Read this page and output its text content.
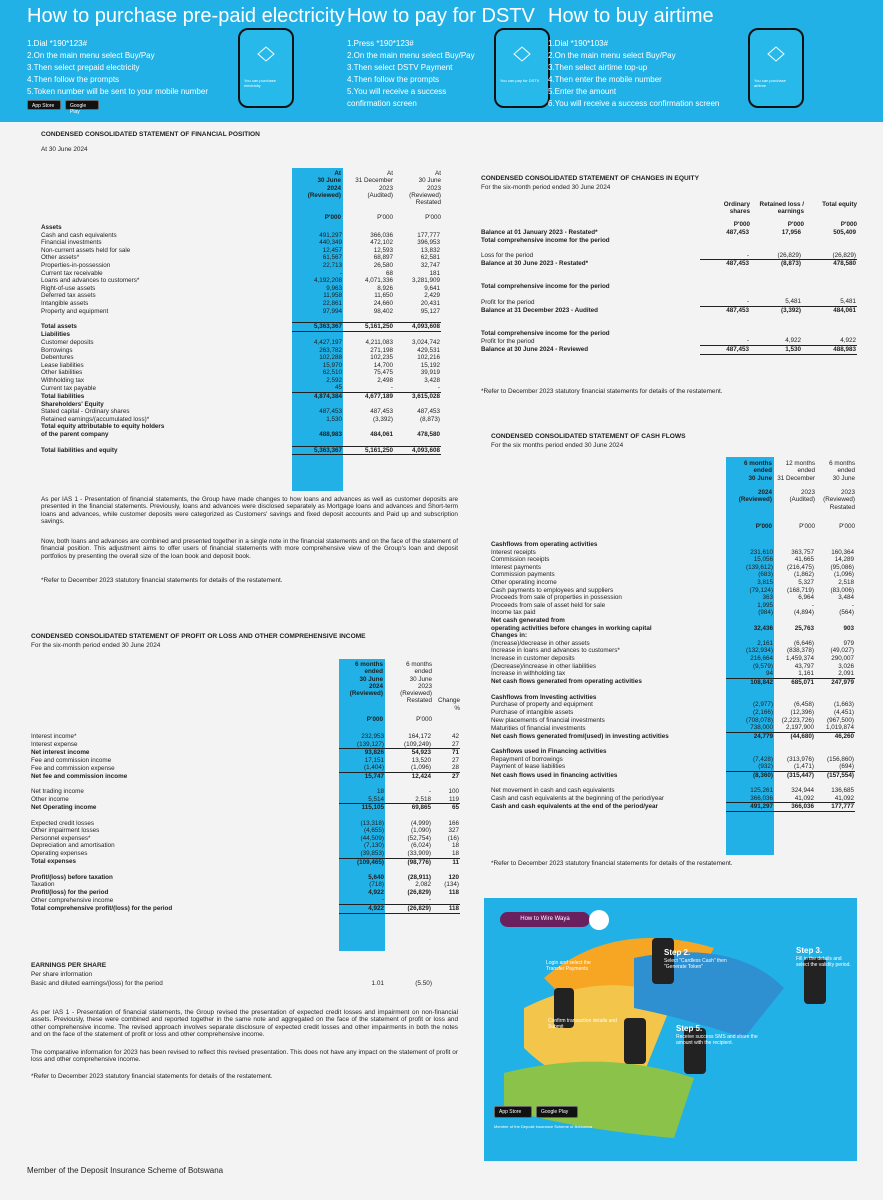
How to purchase pre-paid electricity
1.Dial *190*123#
2.On the main menu select Buy/Pay
3.Then select prepaid electricity
4.Then follow the prompts
5.Token number will be sent to your mobile number
You can purchase electricity
App Store	Google Play
How to pay for DSTV
1.Press *190*123#
2.On the main menu select Buy/Pay
3.Then select DSTV Payment
4.Then follow the prompts
5.You will receive a success
confirmation screen
You can pay for DSTV
How to buy airtime
1.Dial *190*103#
2.On the main menu select Buy/Pay
3.Then select airtime top-up
4.Then enter the mobile number
5.Enter the amount
6.You will receive a success confirmation screen
You can purchase airtime
CONDENSED CONSOLIDATED STATEMENT OF FINANCIAL POSITION
At 30 June 2024
At
30 June
2024
(Reviewed)
At
31 December
2023
(Audited)
At
30 June
2023
(Reviewed)
Restated
P'000	P'000	P'000
Assets			
Cash and cash equivalents	491,297	366,036	177,777
Financial investments	440,349	472,102	396,953
Non-current assets held for sale	12,457	12,593	13,832
Other assets*	61,567	68,897	62,581
Properties-in-possession	22,713	26,580	32,747
Current tax receivable	-	68	181
Loans and advances to customers*	4,192,208	4,071,336	3,281,909
Right-of-use assets	9,963	8,926	9,641
Deferred tax assets	11,958	11,650	2,429
Intangible assets	22,861	24,660	20,431
Property and equipment	97,994	98,402	95,127

Total assets	5,363,367	5,161,250	4,093,608
Liabilities			
Customer deposits	4,427,197	4,211,083	3,024,742
Borrowings	263,782	271,198	429,531
Debentures	102,288	102,235	102,216
Lease liabilities	15,970	14,700	15,192
Other liabilities	62,510	75,475	39,919
Withholding tax	2,592	2,498	3,428
Current tax payable	45	-	-
Total liabilities	4,874,384	4,677,189	3,615,028
Shareholders' Equity			
Stated capital - Ordinary shares	487,453	487,453	487,453
Retained earnings/(accumulated loss)*	1,530	(3,392)	(8,873)
Total equity attributable to equity holders			
of the parent company	488,983	484,061	478,580

Total liabilities and equity	5,363,367	5,161,250	4,093,608
As per IAS 1 - Presentation of financial statements, the Group have made changes to how loans and advances as well as customer deposits are presented in the financial statements. Previously, loans and advances were disclosed separately as Mortgage loans and advances and Short-term loans and advances, while customer deposits were categorized as Customers' savings and fixed deposit accounts and Paid up and subscription savings.
Now, both loans and advances are combined and presented together in a single note in the financial statements and on the face of the statement of financial position. This adjustment aims to offer users of financial statements with more comprehensive view of the Group's loan and deposit portfolios by presenting the overall size of the loan book and deposit book.
*Refer to December 2023 statutory financial statements for details of the restatement.
CONDENSED CONSOLIDATED STATEMENT OF CHANGES IN EQUITY
For the six-month period ended 30 June 2024
Ordinary
shares
Retained loss /
earnings
Total equity
P'000	P'000	P'000
Balance at 01 January 2023 - Restated*	487,453	17,956	505,409
Total comprehensive income for the period			

Loss for the period	-	(26,829)	(26,829)
Balance at 30 June 2023 - Restated*	487,453	(8,873)	478,580

Total comprehensive income for the period			

Profit for the period	-	5,481	5,481
Balance at 31 December 2023 - Audited	487,453	(3,392)	484,061

Total comprehensive income for the period			
Profit for the period	-	4,922	4,922
Balance at 30 June 2024 - Reviewed	487,453	1,530	488,983
*Refer to December 2023 statutory financial statements for details of the restatement.
CONDENSED CONSOLIDATED STATEMENT OF CASH FLOWS
For the six months period ended 30 June 2024
6 months
ended
30 June

2024
(Reviewed)
12 months
ended
31 December

2023
(Audited)
6 months
ended
30 June

2023
(Reviewed)
Restated
P'000	P'000	P'000
Cashflows from operating activities			
Interest receipts	231,610	363,757	160,364
Commission receipts	15,056	41,665	14,289
Interest payments	(139,612)	(216,475)	(95,086)
Commission payments	(683)	(1,862)	(1,096)
Other operating income	3,815	5,327	2,518
Cash payments to employees and suppliers	(79,124)	(168,719)	(83,006)
Proceeds from sale of properties in possession	363	6,964	3,484
Proceeds from sale of asset held for sale	1,995	-	-
Income tax paid	(984)	(4,894)	(564)
Net cash generated from			
operating activities before changes in working capital	32,436	25,763	903
Changes in:			
(Increase)/decrease in other assets	2,161	(6,646)	979
Increase in loans and advances to customers*	(132,934)	(838,378)	(49,027)
Increase in customer deposits	216,664	1,459,374	290,007
(Decrease)/increase in other liabilities	(9,579)	43,797	3,026
Increase in withholding tax	94	1,161	2,091
Net cash flows generated from operating activities	108,842	685,071	247,979

Cashflows from Investing activities			
Purchase of property and equipment	(2,977)	(6,458)	(1,663)
Purchase of intangible assets	(2,166)	(12,396)	(4,451)
New placements of financial investments	(708,078)	(2,223,726)	(967,500)
Maturities of financial investments	738,000	2,197,900	1,019,874
Net cash flows generated from/(used) in investing activities	24,779	(44,680)	46,260

Cashflows used in Financing activities			
Repayment of borrowings	(7,428)	(313,976)	(156,860)
Payment of lease liabilities	(932)	(1,471)	(694)
Net cash flows used in financing activities	(8,360)	(315,447)	(157,554)

Net movement in cash and cash equivalents	125,261	324,944	136,685
Cash and cash equivalents at the beginning of the period/year	366,036	41,092	41,092
Cash and cash equivalents at the end of the period/year	491,297	366,036	177,777
*Refer to December 2023 statutory financial statements for details of the restatement.
CONDENSED CONSOLIDATED STATEMENT OF PROFIT OR LOSS AND OTHER COMPREHENSIVE INCOME
For the six-month period ended 30 June 2024
6 months
ended
30 June
2024
(Reviewed)
6 months
ended
30 June
2023
(Reviewed)
Restated

Change
%
P'000	P'000
Interest income*	232,953	164,172	42
Interest expense	(139,127)	(109,249)	27
Net interest income	93,826	54,923	71
Fee and commission income	17,151	13,520	27
Fee and commission expense	(1,404)	(1,096)	28
Net fee and commission income	15,747	12,424	27

Net trading income	18	-	100
Other income	5,514	2,518	119
Net Operating income	115,105	69,865	65

Expected credit losses	(13,318)	(4,999)	166
Other impairment losses	(4,655)	(1,090)	327
Personnel expenses*	(44,509)	(52,754)	(16)
Depreciation and amortisation	(7,130)	(6,024)	18
Operating expenses	(39,853)	(33,909)	18
Total expenses	(109,465)	(98,776)	11

Profit/(loss) before taxation	5,640	(28,911)	120
Taxation	(718)	2,082	(134)
Profit/(loss) for the period	4,922	(26,829)	118
Other comprehensive income	-	-	
Total comprehensive profit/(loss) for the period	4,922	(26,829)	118
EARNINGS PER SHARE
Per share information
Basic and diluted earnings/(loss) for the period	1.01	(5.50)
As per IAS 1 - Presentation of financial statements, the Group revised the presentation of expected credit losses and impairment on non-financial assets. Previously, these were combined and reported together in the same note and aggregated on the face of the statement of profit or loss and other comprehensive income. The revised approach involves separate disclosure of expected credit losses and other impairments in both the notes and on the face of the statement of profit or loss and other comprehensive income.
The comparative information for 2023 has been revised to reflect this revised presentation. This does not have any impact on the statement of profit or loss and other comprehensive income.
*Refer to December 2023 statutory financial statements for details of the restatement.
How to Wire Waya
Login and select the Transfer Payments
Step 2.
Select "Cardless Cash" then "Generate Token"
Step 3.
Fill in the details and select the validity period.
Confirm transaction details and Submit	Step 5.
Receive success SMS and share the amount with the recipient.
App Store	Google Play
Member of the Deposit Insurance Scheme of Botswana
Member of the Deposit Insurance Scheme of Botswana
